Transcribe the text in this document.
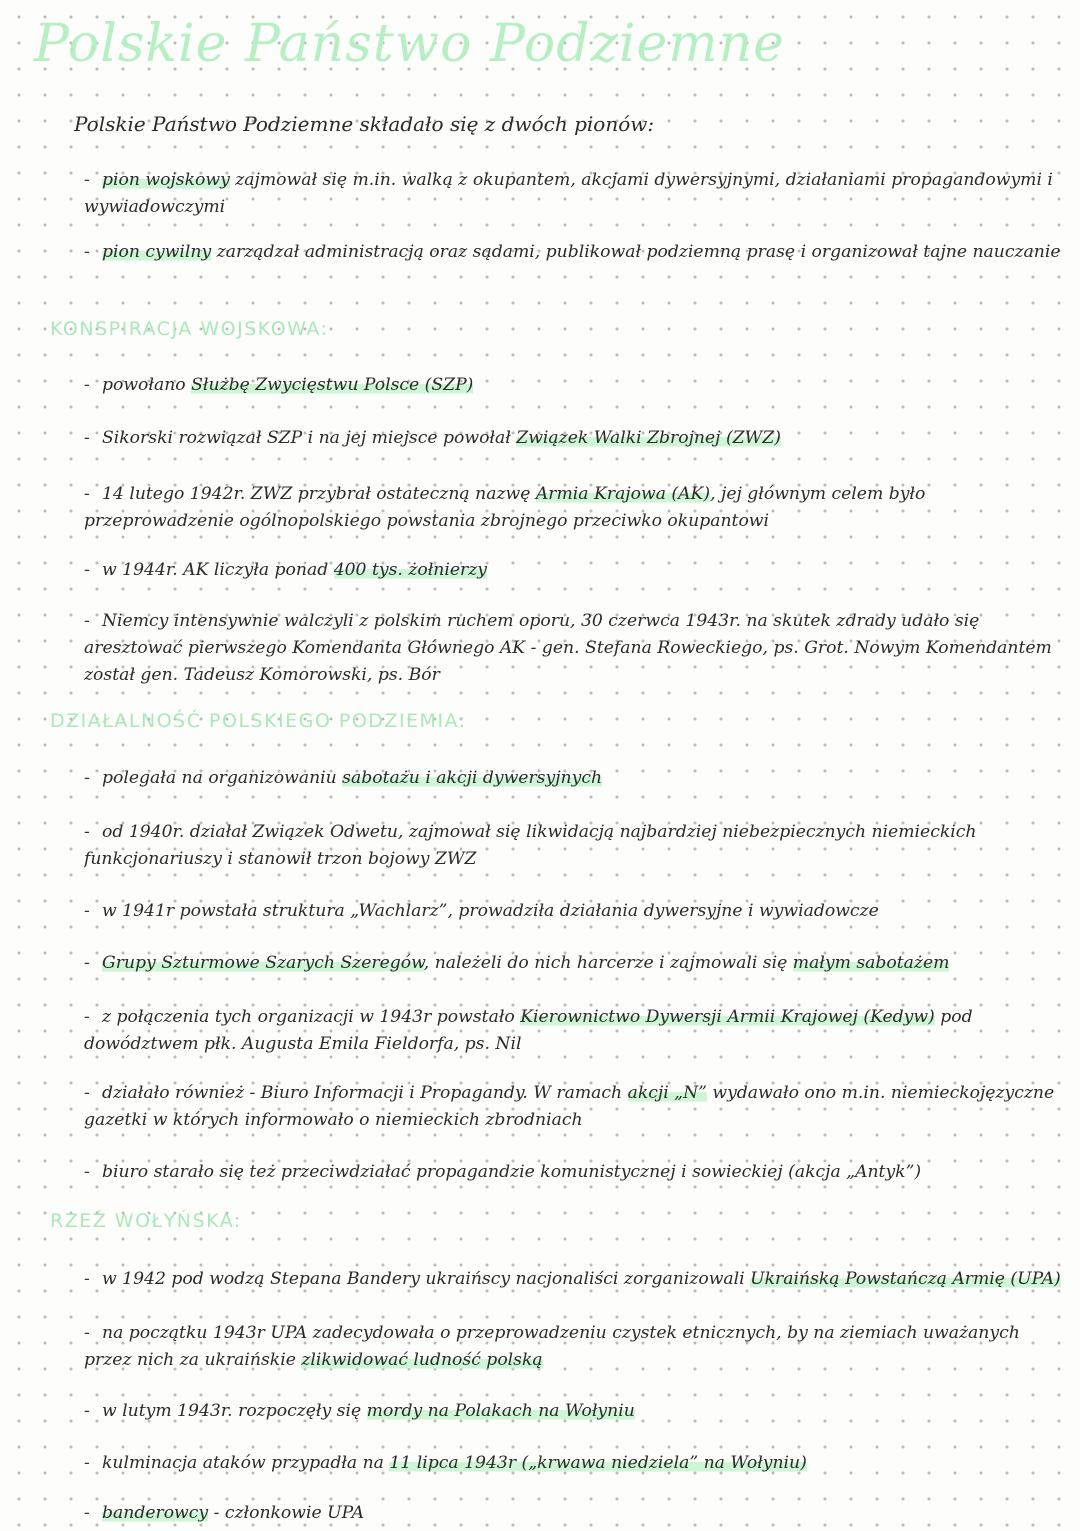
Polskie Państwo Podziemne
Polskie Państwo Podziemne składało się z dwóch pionów:
- pion wojskowy zajmował się m.in. walką z okupantem, akcjami dywersyjnymi, działaniami propagandowymi i wywiadowczymi
- pion cywilny zarządzał administracją oraz sądami, publikował podziemną prasę i organizował tajne nauczanie
KONSPIRACJA WOJSKOWA:
- powołano Służbę Zwycięstwu Polsce (SZP)
- Sikorski rozwiązał SZP i na jej miejsce powołał Związek Walki Zbrojnej (ZWZ)
- 14 lutego 1942r. ZWZ przybrał ostateczną nazwę Armia Krajowa (AK), jej głównym celem było przeprowadzenie ogólnopolskiego powstania zbrojnego przeciwko okupantowi
- w 1944r. AK liczyła ponad 400 tys. żołnierzy
- Niemcy intensywnie walczyli z polskim ruchem oporu, 30 czerwca 1943r. na skutek zdrady udało się aresztować pierwszego Komendanta Głównego AK - gen. Stefana Roweckiego, ps. Grot. Nowym Komendantem został gen. Tadeusz Komorowski, ps. Bór
DZIAŁALNOŚĆ POLSKIEGO PODZIEMIA:
- polegała na organizowaniu sabotażu i akcji dywersyjnych
- od 1940r. działał Związek Odwetu, zajmował się likwidacją najbardziej niebezpiecznych niemieckich funkcjonariuszy i stanowił trzon bojowy ZWZ
- w 1941r powstała struktura „Wachlarz”, prowadziła działania dywersyjne i wywiadowcze
- Grupy Szturmowe Szarych Szeregów, należeli do nich harcerze i zajmowali się małym sabotażem
- z połączenia tych organizacji w 1943r powstało Kierownictwo Dywersji Armii Krajowej (Kedyw) pod dowództwem płk. Augusta Emila Fieldorfa, ps. Nil
- działało również - Biuro Informacji i Propagandy. W ramach akcji „N” wydawało ono m.in. niemieckojęzyczne gazetki w których informowało o niemieckich zbrodniach
- biuro starało się też przeciwdziałać propagandzie komunistycznej i sowieckiej (akcja „Antyk”)
RZEŹ WOŁYŃSKA:
- w 1942 pod wodzą Stepana Bandery ukraińscy nacjonaliści zorganizowali Ukraińską Powstańczą Armię (UPA)
- na początku 1943r UPA zadecydowała o przeprowadzeniu czystek etnicznych, by na ziemiach uważanych przez nich za ukraińskie zlikwidować ludność polską
- w lutym 1943r. rozpoczęły się mordy na Polakach na Wołyniu
- kulminacja ataków przypadła na 11 lipca 1943r („krwawa niedziela” na Wołyniu)
- banderowcy - członkowie UPA
